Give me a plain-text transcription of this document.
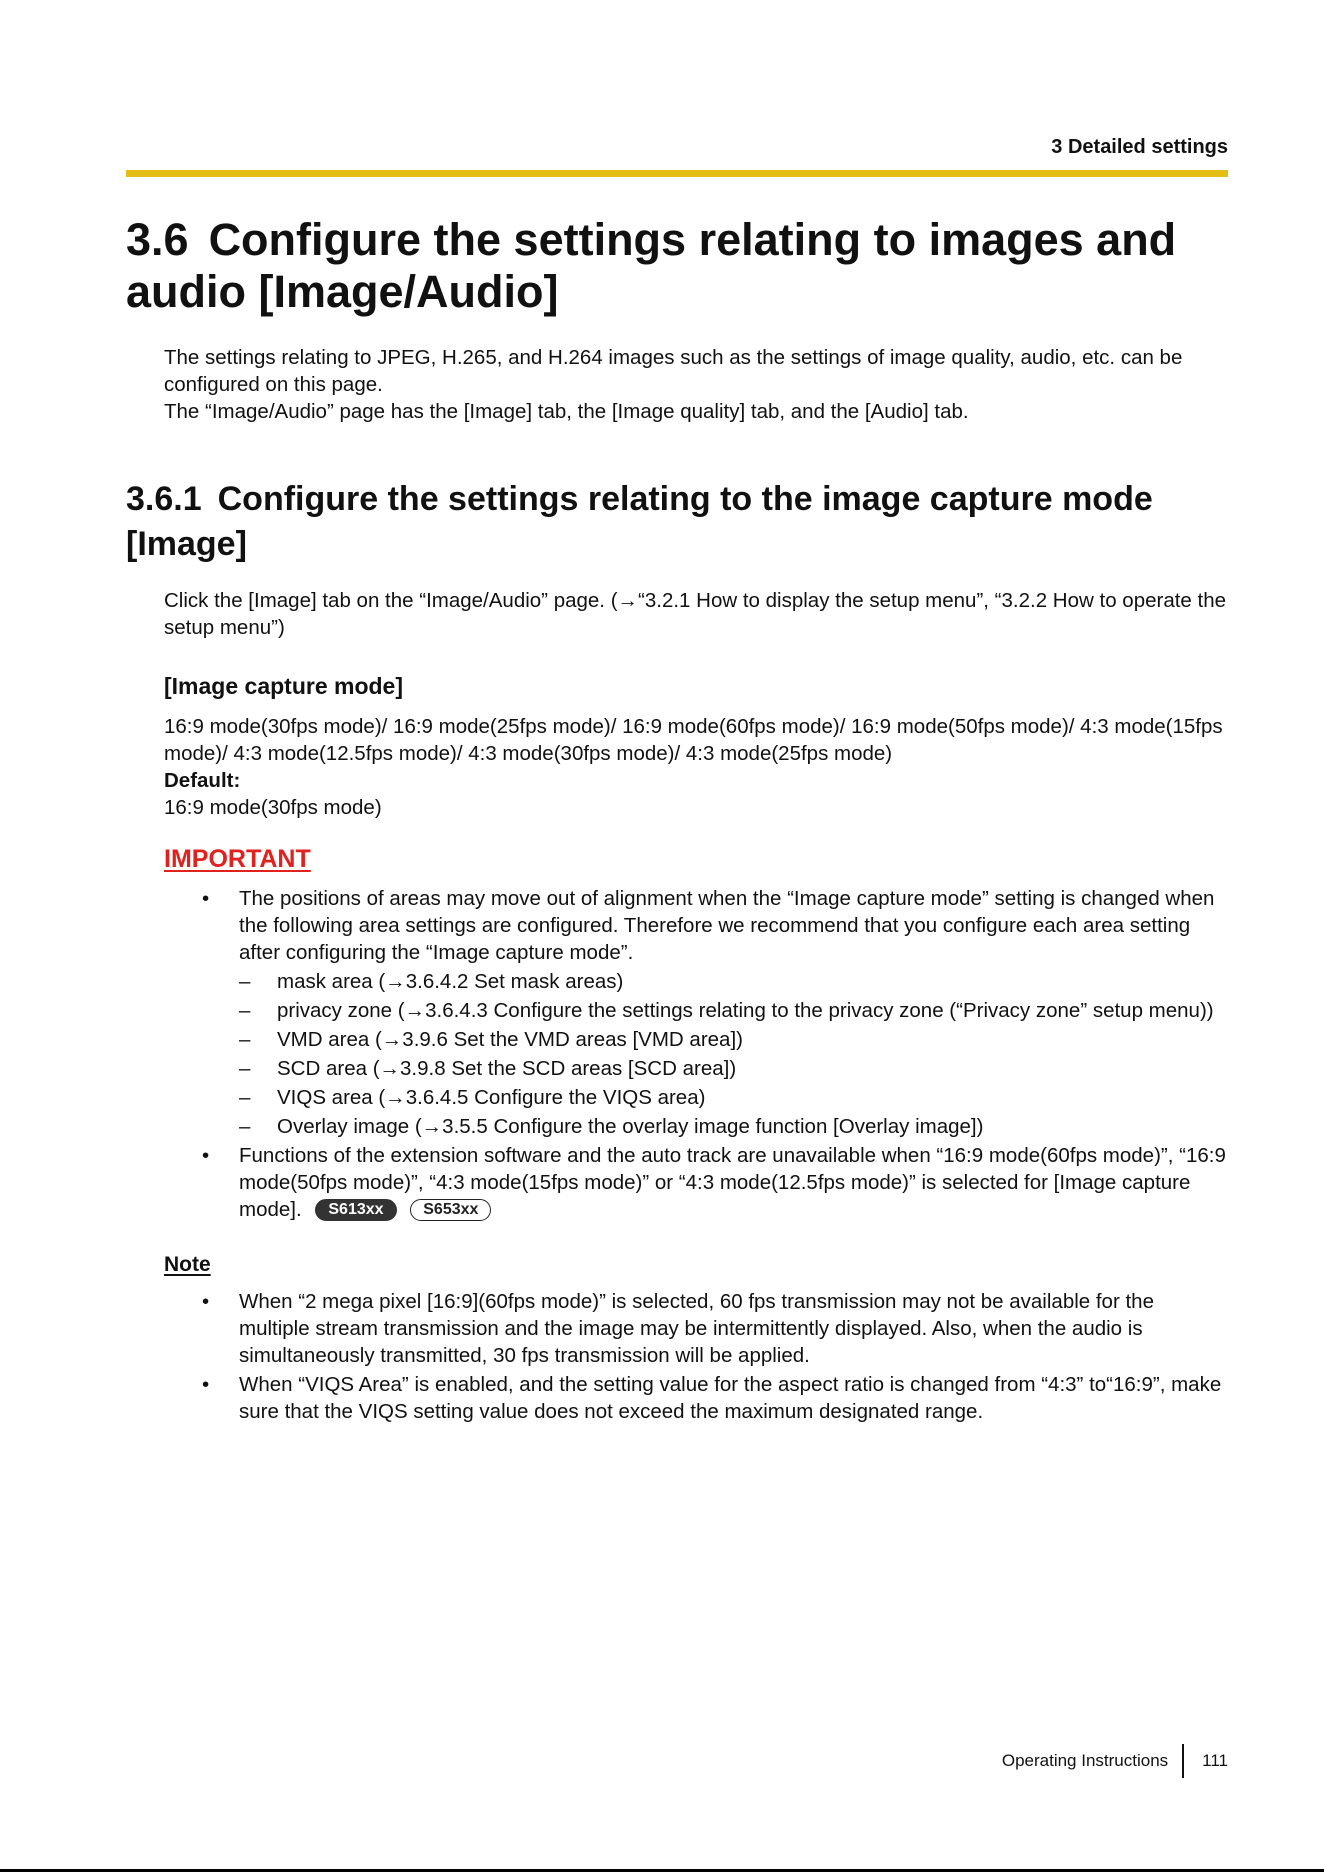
3 Detailed settings
3.6 Configure the settings relating to images and
audio [Image/Audio]

The settings relating to JPEG, H.265, and H.264 images such as the settings of image quality, audio, etc. can be configured on this page.

The “Image/Audio” page has the [Image] tab, the [Image quality] tab, and the [Audio] tab.

3.6.1 Configure the settings relating to the image capture mode
[Image]

Click the [Image] tab on the “Image/Audio” page. (→“3.2.1 How to display the setup menu”, “3.2.2 How to operate the setup menu”)

[Image capture mode]

16:9 mode(30fps mode)/ 16:9 mode(25fps mode)/ 16:9 mode(60fps mode)/ 16:9 mode(50fps mode)/ 4:3 mode(15fps mode)/ 4:3 mode(12.5fps mode)/ 4:3 mode(30fps mode)/ 4:3 mode(25fps mode)

Default:

16:9 mode(30fps mode)

IMPORTANT
• The positions of areas may move out of alignment when the “Image capture mode” setting is changed when the following area settings are configured. Therefore we recommend that you configure each area setting after configuring the “Image capture mode”.
– mask area (→3.6.4.2 Set mask areas)
– privacy zone (→3.6.4.3 Configure the settings relating to the privacy zone (“Privacy zone” setup menu))
– VMD area (→3.9.6 Set the VMD areas [VMD area])
– SCD area (→3.9.8 Set the SCD areas [SCD area])
– VIQS area (→3.6.4.5 Configure the VIQS area)
– Overlay image (→3.5.5 Configure the overlay image function [Overlay image])
• Functions of the extension software and the auto track are unavailable when “16:9 mode(60fps mode)”, “16:9 mode(50fps mode)”, “4:3 mode(15fps mode)” or “4:3 mode(12.5fps mode)” is selected for [Image capture mode]. S613xx S653xx
Note
• When “2 mega pixel [16:9](60fps mode)” is selected, 60 fps transmission may not be available for the multiple stream transmission and the image may be intermittently displayed. Also, when the audio is simultaneously transmitted, 30 fps transmission will be applied.
• When “VIQS Area” is enabled, and the setting value for the aspect ratio is changed from “4:3” to“16:9”, make sure that the VIQS setting value does not exceed the maximum designated range.
Operating Instructions 111
